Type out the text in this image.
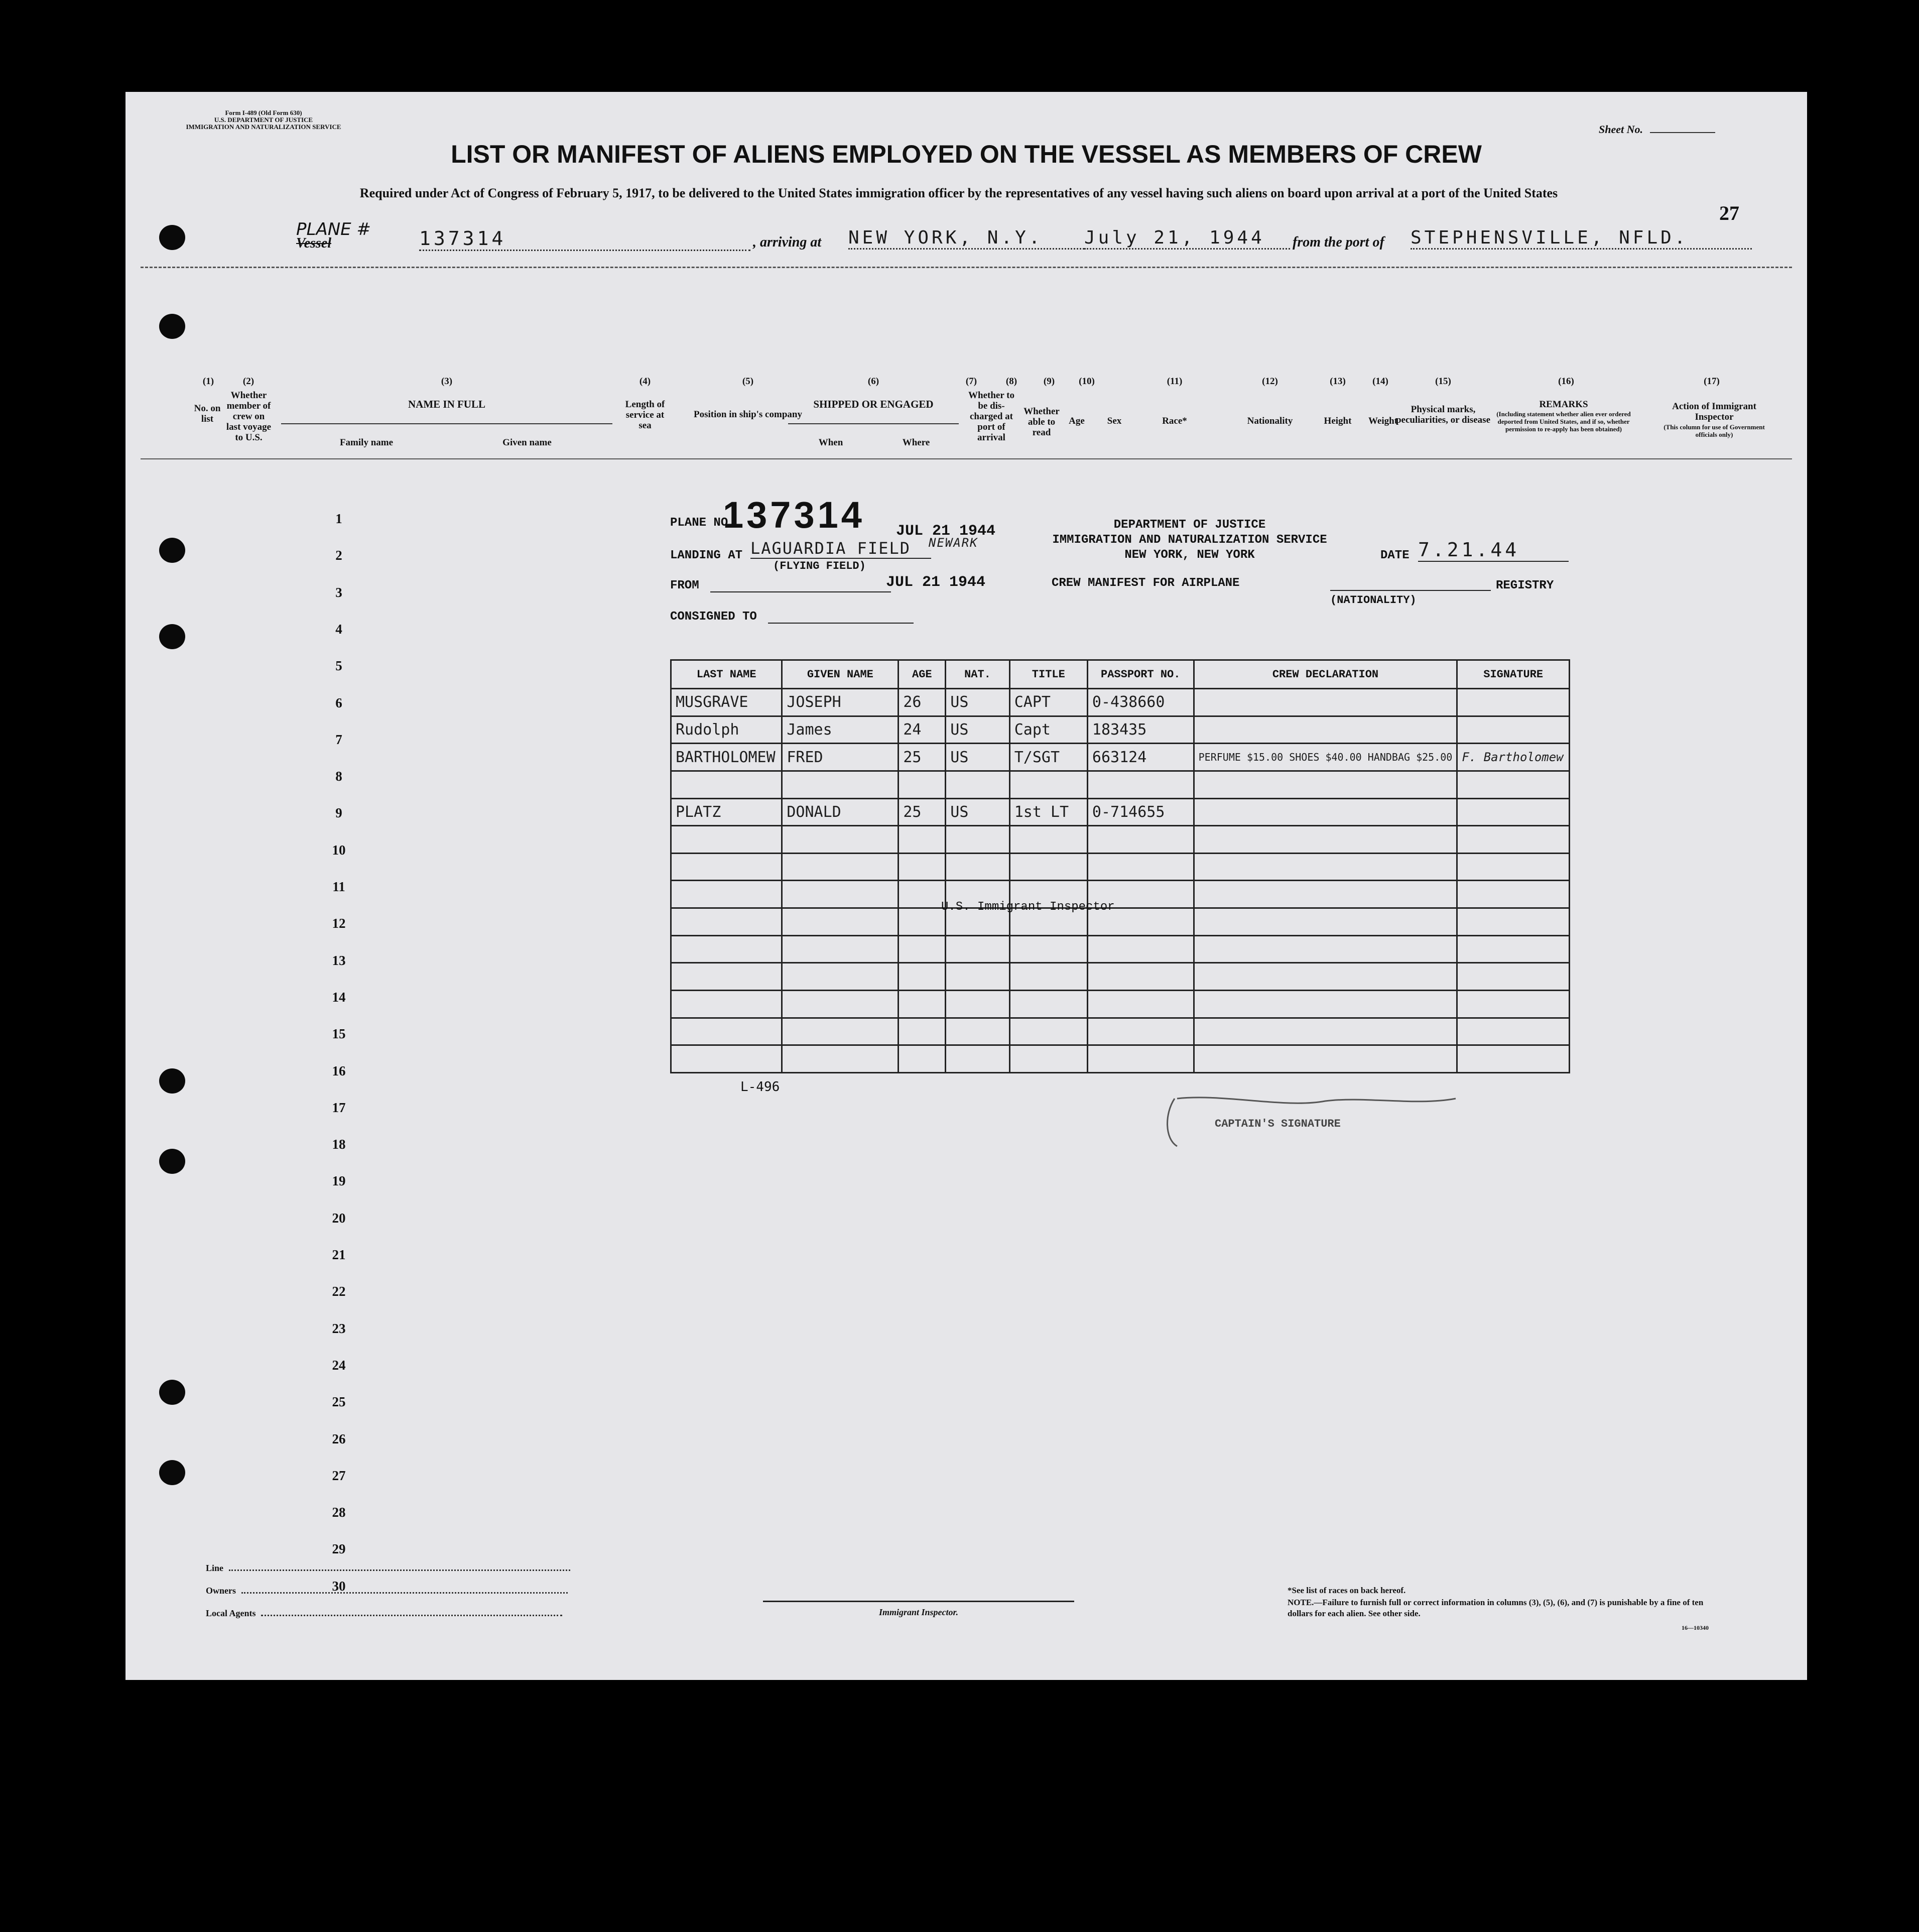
Form I-489 (Old Form 630)
U.S. DEPARTMENT OF JUSTICE
IMMIGRATION AND NATURALIZATION SERVICE	Sheet No.
LIST OR MANIFEST OF ALIENS EMPLOYED ON THE VESSEL AS MEMBERS OF CREW
Required under Act of Congress of February 5, 1917, to be delivered to the United States immigration officer by the representatives of any vessel having such aliens on board upon arrival at a port of the United States
27
PLANE #
Vessel	137314	, arriving at NEW YORK, N.Y.	July 21, 1944	from the port of STEPHENSVILLE, NFLD.
(1)	(2)	(3)	(4)	(5)	(6)	(7)	(8)	(9)	(10)	(11)	(12)	(13)	(14)	(15)	(16)	(17)
No. on list
Whether member of crew on last voyage to U.S.
NAME IN FULL
Family name	Given name
Length of service at sea
Position in ship's company
SHIPPED OR ENGAGED
When	Where
Whether to be dis-charged at port of arrival
Whether able to read
Age	Sex	Race*	Nationality	Height	Weight
Physical marks, peculiarities, or disease
REMARKS
(Including statement whether alien ever ordered deported from United States, and if so, whether permission to re-apply has been obtained)
Action of Immigrant Inspector
(This column for use of Government officials only)
1
2
3
4
5
6
7
8
9
10
11
12
13
14
15
16
17
18
19
20
21
22
23
24
25
26
27
28
29
30
PLANE NO.
137314 JUL 21 1944	DEPARTMENT OF JUSTICE
IMMIGRATION AND NATURALIZATION SERVICE
NEW YORK, NEW YORK
LANDING AT LAGUARDIA FIELD	NEWARK
(FLYING FIELD)
DATE 7.21.44
FROM	JUL 21 1944	CREW MANIFEST FOR AIRPLANE
(NATIONALITY)
REGISTRY
CONSIGNED TO
LAST NAME	GIVEN NAME	AGE	NAT.	TITLE	PASSPORT NO.	CREW DECLARATION	SIGNATURE
MUSGRAVE	JOSEPH	26	US	CAPT	0-438660		
Rudolph	James	24	US	Capt	183435		
BARTHOLOMEW	FRED	25	US	T/SGT	663124	PERFUME $15.00 SHOES $40.00 HANDBAG $25.00	F. Bartholomew

PLATZ	DONALD	25	US	1st LT	0-714655		

U.S. Immigrant Inspector
L-496
CAPTAIN'S SIGNATURE
Line
Owners
Local Agents	Immigrant Inspector.
*See list of races on back hereof.
NOTE.—Failure to furnish full or correct information in columns (3), (5), (6), and (7) is punishable by a fine of ten dollars for each alien. See other side.
16—10340
